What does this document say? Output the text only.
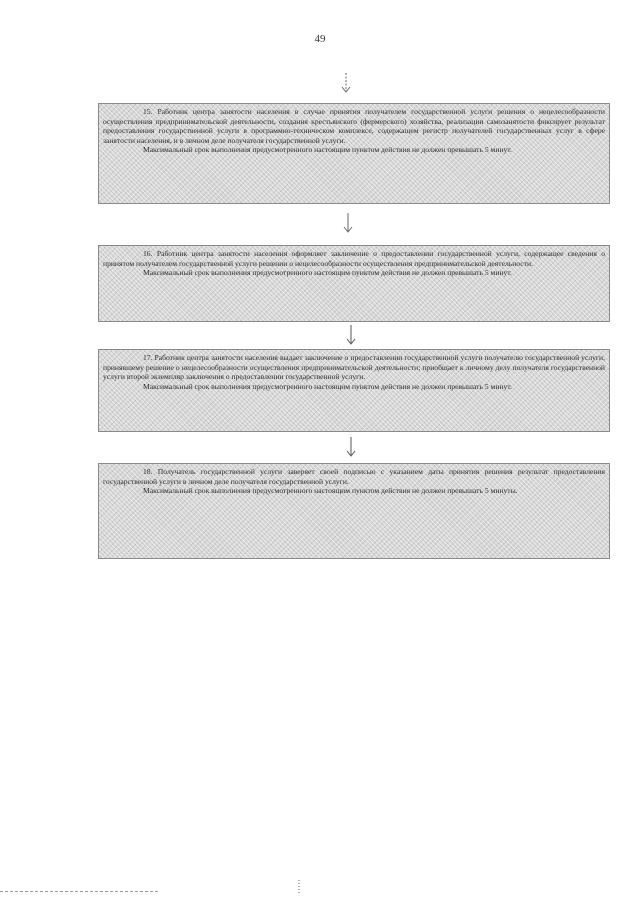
49

15. Работник центра занятости населения в случае принятия получателем государственной услуги решения о нецелесообразности осуществления предпринимательской деятельности, создания крестьянского (фермерского) хозяйства, реализации самозанятости фиксирует результат предоставления государственной услуги в программно-техническом комплексе, содержащем регистр получателей государственных услуг в сфере занятости населения, и в личном деле получателя государственной услуги.

Максимальный срок выполнения предусмотренного настоящим пунктом действия не должен превышать 5 минут.

16. Работник центра занятости населения оформляет заключение о предоставлении государственной услуги, содержащее сведения о принятом получателем государственной услуги решении о нецелесообразности осуществления предпринимательской деятельности.

Максимальный срок выполнения предусмотренного настоящим пунктом действия не должен превышать 5 минут.

17. Работник центра занятости населения выдает заключение о предоставлении государственной услуги получателю государственной услуги, принявшему решение о нецелесообразности осуществления предпринимательской деятельности; приобщает к личному делу получателя государственной услуги второй экземпляр заключения о предоставлении государственной услуги.

Максимальный срок выполнения предусмотренного настоящим пунктом действия не должен превышать 5 минут.

18. Получатель государственной услуги заверяет своей подписью с указанием даты принятия решения результат предоставления государственной услуги в личном деле получателя государственной услуги.

Максимальный срок выполнения предусмотренного настоящим пунктом действия не должен превышать 5 минуты.
